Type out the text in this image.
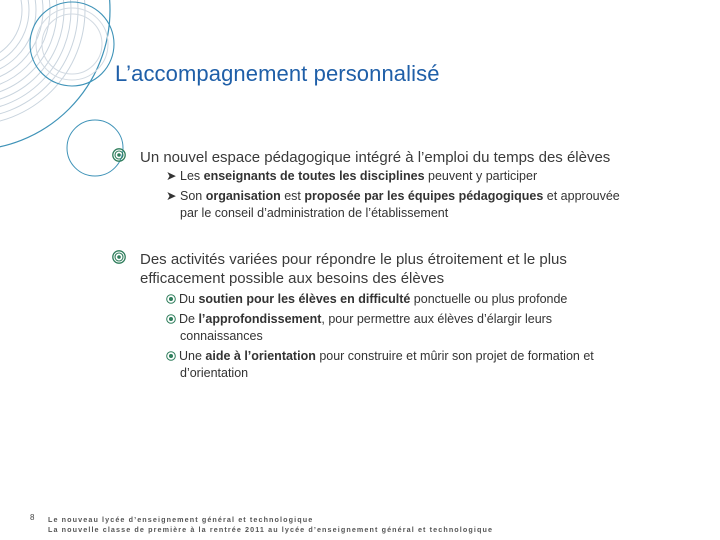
L’accompagnement personnalisé
Un nouvel espace pédagogique intégré à l’emploi du temps des élèves
➤ Les enseignants de toutes les disciplines peuvent y participer
➤ Son organisation est proposée par les équipes pédagogiques et approuvée
par le conseil d’administration de l’établissement
Des activités variées pour répondre le plus étroitement et le plus
efficacement possible aux besoins des élèves
Du soutien pour les élèves en difficulté ponctuelle ou plus profonde
De l’approfondissement, pour permettre aux élèves d’élargir leurs
connaissances
Une aide à l’orientation pour construire et mûrir son projet de formation et
d’orientation
8 Le nouveau lycée d’enseignement général et technologique
La nouvelle classe de première à la rentrée 2011 au lycée d’enseignement général et technologique
